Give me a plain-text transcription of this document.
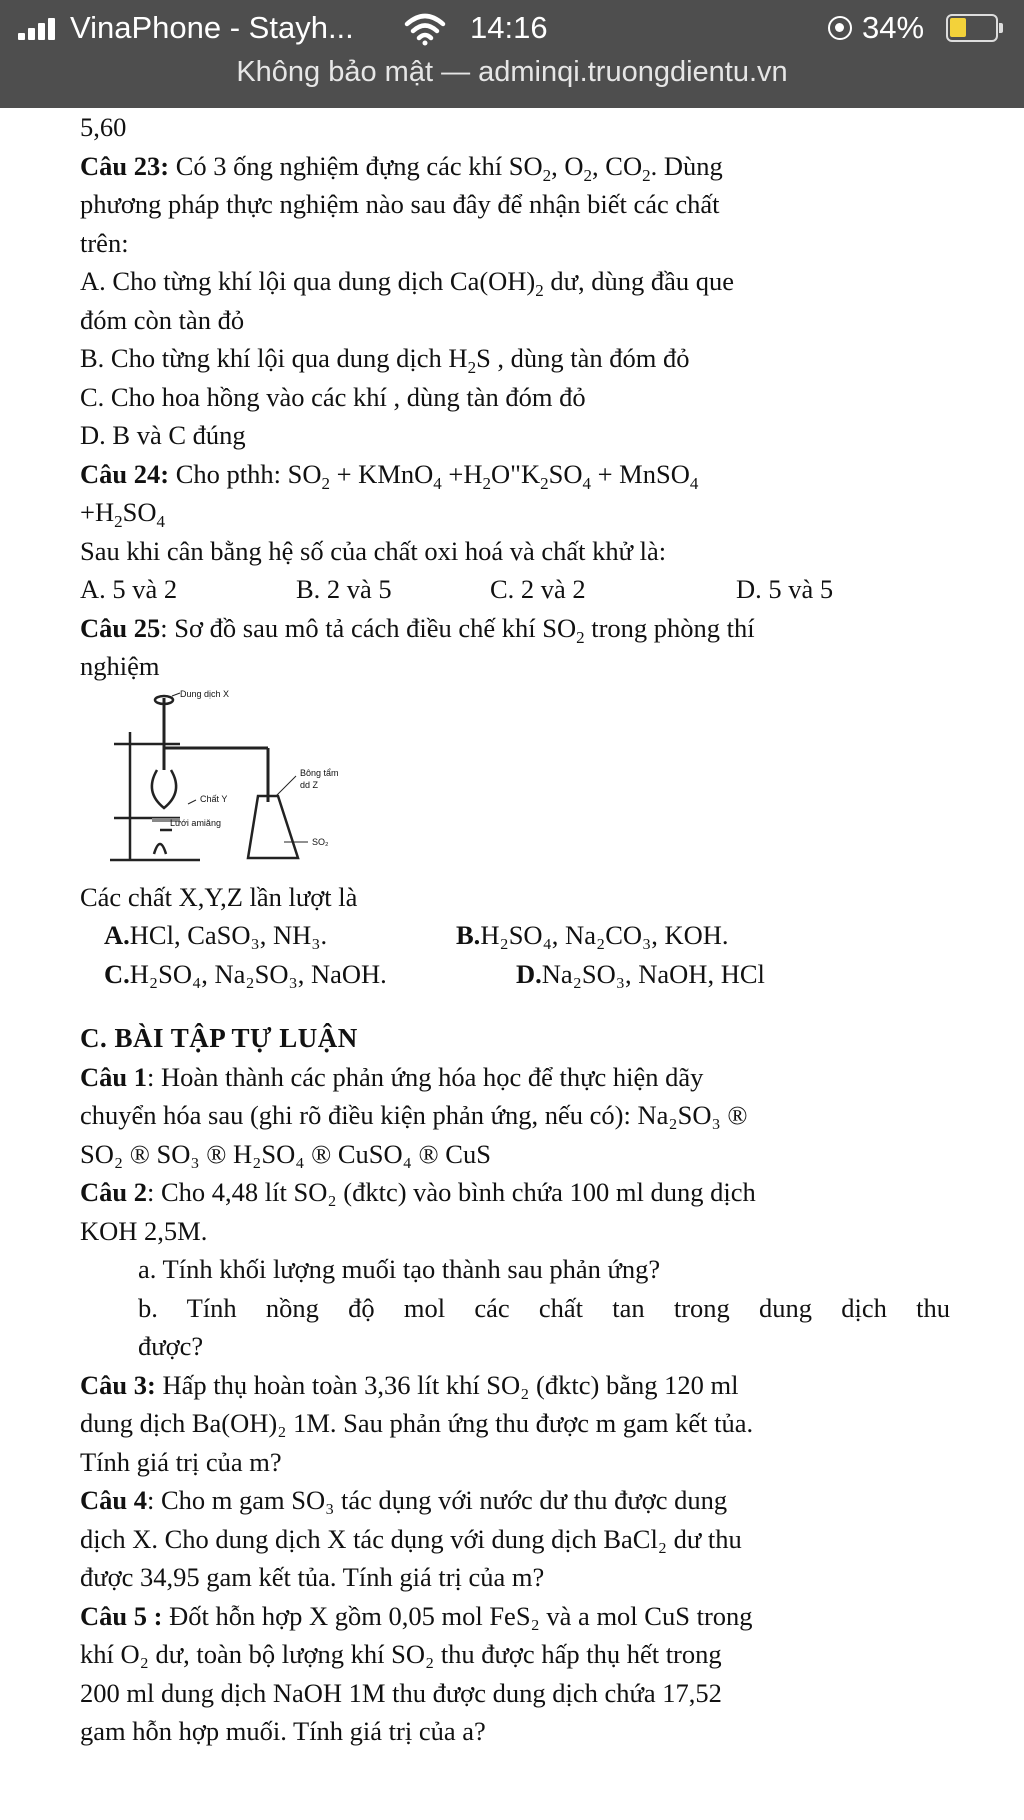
VinaPhone - Stayh...	14:16	34%
Không bảo mật — adminqi.truongdientu.vn
5,60
Câu 23: Có 3 ống nghiệm đựng các khí $SO_2$, $O_2$, $CO_2$. Dùng
phương pháp thực nghiệm nào sau đây để nhận biết các chất
trên:
A. Cho từng khí lội qua dung dịch $Ca(OH)_2$ dư, dùng đầu que
đóm còn tàn đỏ
B. Cho từng khí lội qua dung dịch $H_2S$ , dùng tàn đóm đỏ
C. Cho hoa hồng vào các khí , dùng tàn đóm đỏ
D. B và C đúng
Câu 24: Cho pthh: $SO_2$ + KMnO$_4$ $+H_2O"K_2SO_4$ + MnSO$_4$
$+H_2SO_4$
Sau khi cân bằng hệ số của chất oxi hoá và chất khử là:
A. 5 và 2	B. 2 và 5	C. 2 và 2	D. 5 và 5
Câu 25: Sơ đồ sau mô tả cách điều chế khí $SO_2$ trong phòng thí
nghiệm
Dung dịch X
Chất Y
Bông tẩm
dd Z
Lưới amiăng
SO₂
Các chất X,Y,Z lần lượt là
A.HCl, CaSO₃, NH₃.	B.H₂SO₄, Na₂CO₃, KOH.
C.H₂SO₄, Na₂SO₃, NaOH.	D.Na₂SO₃, NaOH, HCl
C. BÀI TẬP TỰ LUẬN
Câu 1: Hoàn thành các phản ứng hóa học để thực hiện dãy
chuyển hóa sau (ghi rõ điều kiện phản ứng, nếu có): Na₂SO₃ ®
SO₂ ® SO₃ ® H₂SO₄ ® CuSO₄ ® CuS
Câu 2: Cho 4,48 lít SO₂ (đktc) vào bình chứa 100 ml dung dịch
KOH 2,5M.
a. Tính khối lượng muối tạo thành sau phản ứng?
b. Tính nồng độ mol các chất tan trong dung dịch thu
được?
Câu 3: Hấp thụ hoàn toàn 3,36 lít khí SO₂ (đktc) bằng 120 ml
dung dịch Ba(OH)₂ 1M. Sau phản ứng thu được m gam kết tủa.
Tính giá trị của m?
Câu 4: Cho m gam SO₃ tác dụng với nước dư thu được dung
dịch X. Cho dung dịch X tác dụng với dung dịch BaCl₂ dư thu
được 34,95 gam kết tủa. Tính giá trị của m?
Câu 5 : Đốt hỗn hợp X gồm 0,05 mol FeS₂ và a mol CuS trong
khí O₂ dư, toàn bộ lượng khí SO₂ thu được hấp thụ hết trong
200 ml dung dịch NaOH 1M thu được dung dịch chứa 17,52
gam hỗn hợp muối. Tính giá trị của a?
